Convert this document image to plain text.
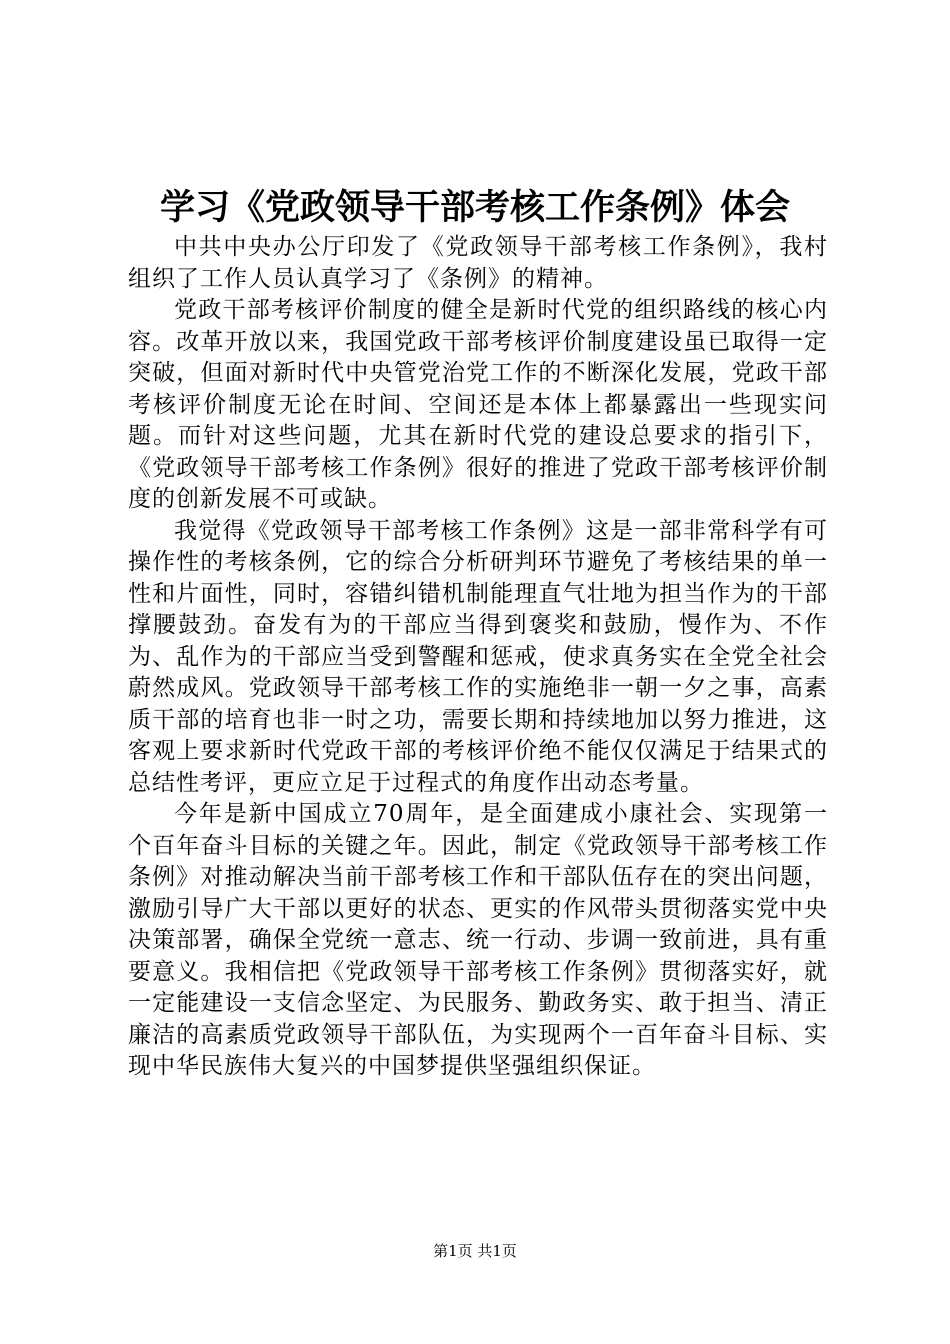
学习《党政领导干部考核工作条例》体会

中共中央办公厅印发了《党政领导干部考核工作条例》，我村组织了工作人员认真学习了《条例》的精神。

党政干部考核评价制度的健全是新时代党的组织路线的核心内容。改革开放以来，我国党政干部考核评价制度建设虽已取得一定突破，但面对新时代中央管党治党工作的不断深化发展，党政干部考核评价制度无论在时间、空间还是本体上都暴露出一些现实问题。而针对这些问题，尤其在新时代党的建设总要求的指引下，《党政领导干部考核工作条例》很好的推进了党政干部考核评价制度的创新发展不可或缺。

我觉得《党政领导干部考核工作条例》这是一部非常科学有可操作性的考核条例，它的综合分析研判环节避免了考核结果的单一性和片面性，同时，容错纠错机制能理直气壮地为担当作为的干部撑腰鼓劲。奋发有为的干部应当得到褒奖和鼓励，慢作为、不作为、乱作为的干部应当受到警醒和惩戒，使求真务实在全党全社会蔚然成风。党政领导干部考核工作的实施绝非一朝一夕之事，高素质干部的培育也非一时之功，需要长期和持续地加以努力推进，这客观上要求新时代党政干部的考核评价绝不能仅仅满足于结果式的总结性考评，更应立足于过程式的角度作出动态考量。

今年是新中国成立70周年，是全面建成小康社会、实现第一个百年奋斗目标的关键之年。因此，制定《党政领导干部考核工作条例》对推动解决当前干部考核工作和干部队伍存在的突出问题，激励引导广大干部以更好的状态、更实的作风带头贯彻落实党中央决策部署，确保全党统一意志、统一行动、步调一致前进，具有重要意义。我相信把《党政领导干部考核工作条例》贯彻落实好，就一定能建设一支信念坚定、为民服务、勤政务实、敢于担当、清正廉洁的高素质党政领导干部队伍，为实现两个一百年奋斗目标、实现中华民族伟大复兴的中国梦提供坚强组织保证。

第1页 共1页
